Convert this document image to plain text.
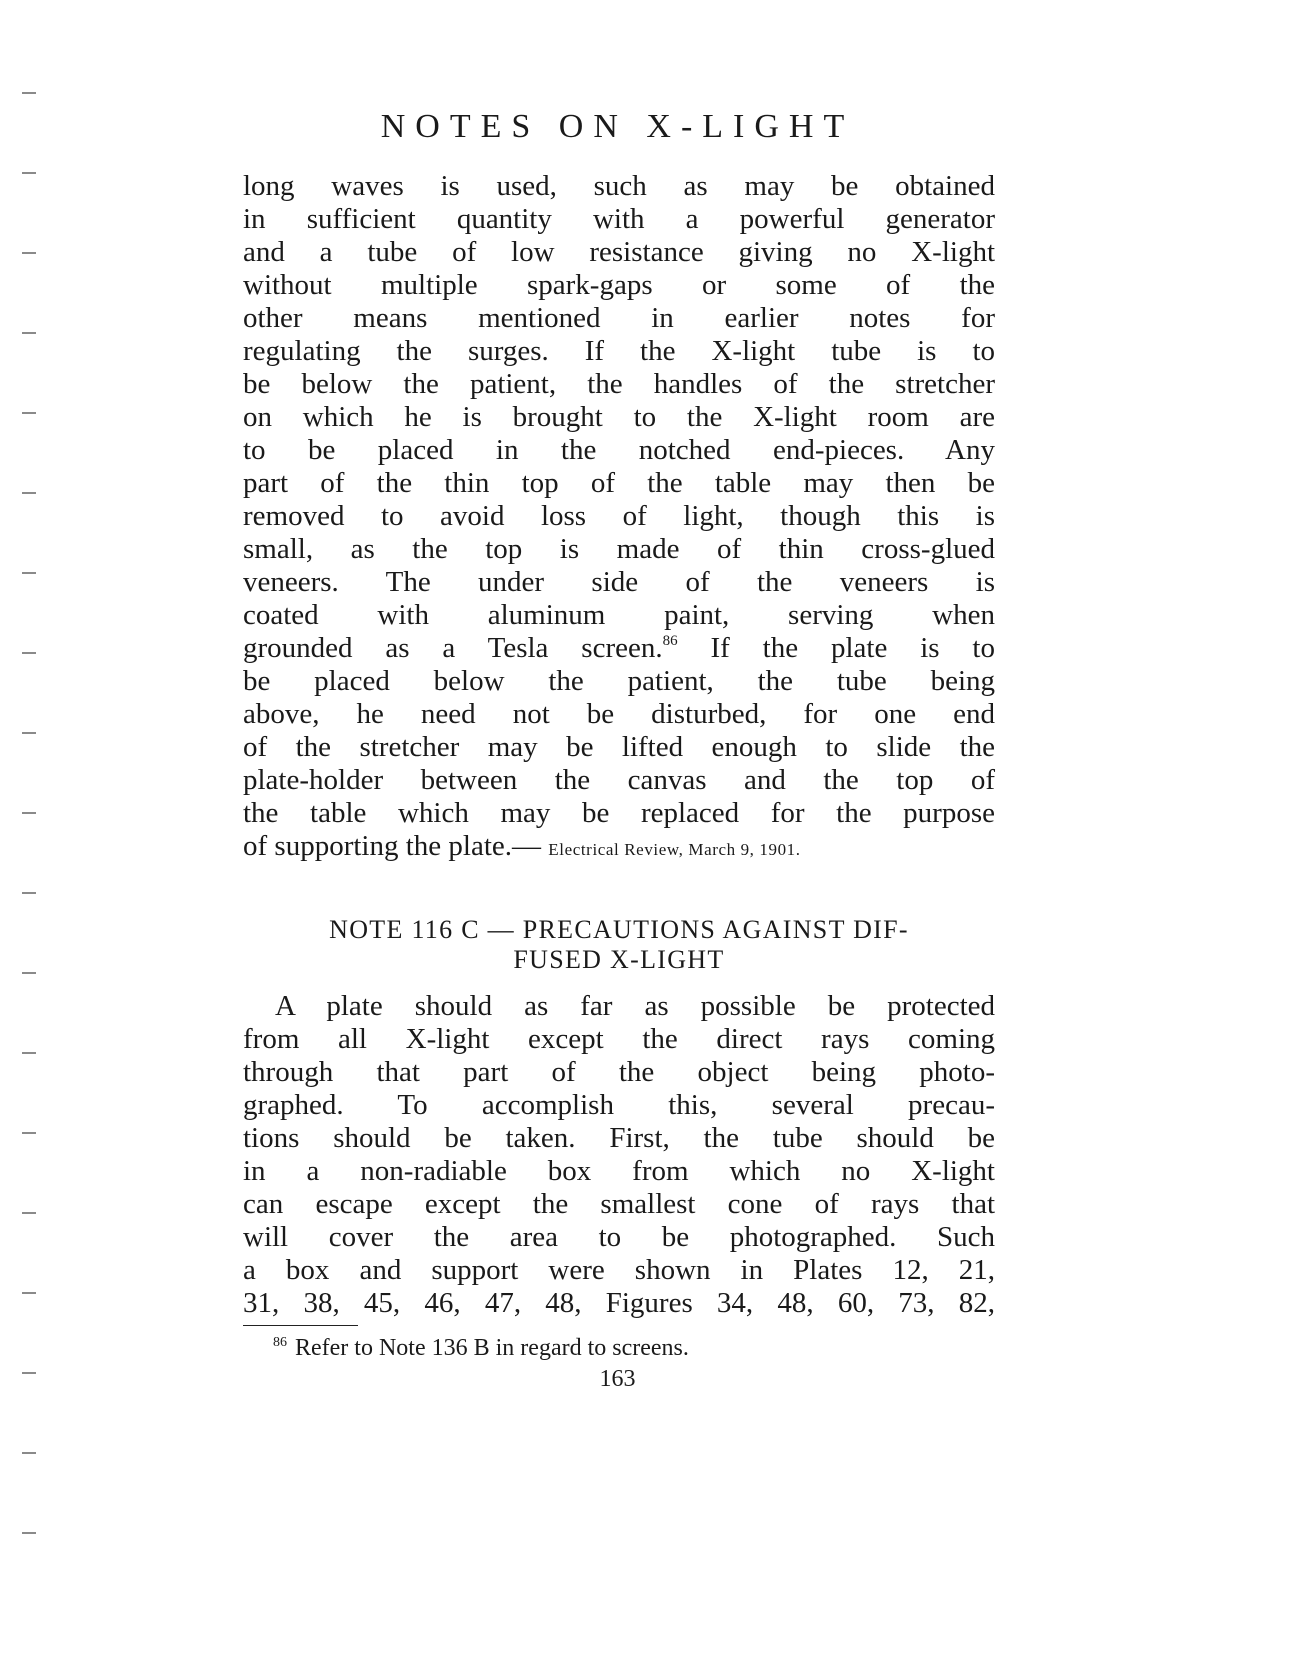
NOTES ON X-LIGHT
long waves is used, such as may be obtained
in sufficient quantity with a powerful generator
and a tube of low resistance giving no X-light
without multiple spark-gaps or some of the
other means mentioned in earlier notes for
regulating the surges. If the X-light tube is to
be below the patient, the handles of the stretcher
on which he is brought to the X-light room are
to be placed in the notched end-pieces. Any
part of the thin top of the table may then be
removed to avoid loss of light, though this is
small, as the top is made of thin cross-glued
veneers. The under side of the veneers is
coated with aluminum paint, serving when
grounded as a Tesla screen.$^{86}$ If the plate is to
be placed below the patient, the tube being
above, he need not be disturbed, for one end
of the stretcher may be lifted enough to slide the
plate-holder between the canvas and the top of
the table which may be replaced for the purpose
of supporting the plate.— Electrical Review, March 9, 1901.
NOTE 116 C — PRECAUTIONS AGAINST DIF-
FUSED X-LIGHT
A plate should as far as possible be protected
from all X-light except the direct rays coming
through that part of the object being photo-
graphed. To accomplish this, several precau-
tions should be taken. First, the tube should be
in a non-radiable box from which no X-light
can escape except the smallest cone of rays that
will cover the area to be photographed. Such
a box and support were shown in Plates 12, 21,
31, 38, 45, 46, 47, 48, Figures 34, 48, 60, 73, 82,
$^{86}$ Refer to Note 136 B in regard to screens.
163
